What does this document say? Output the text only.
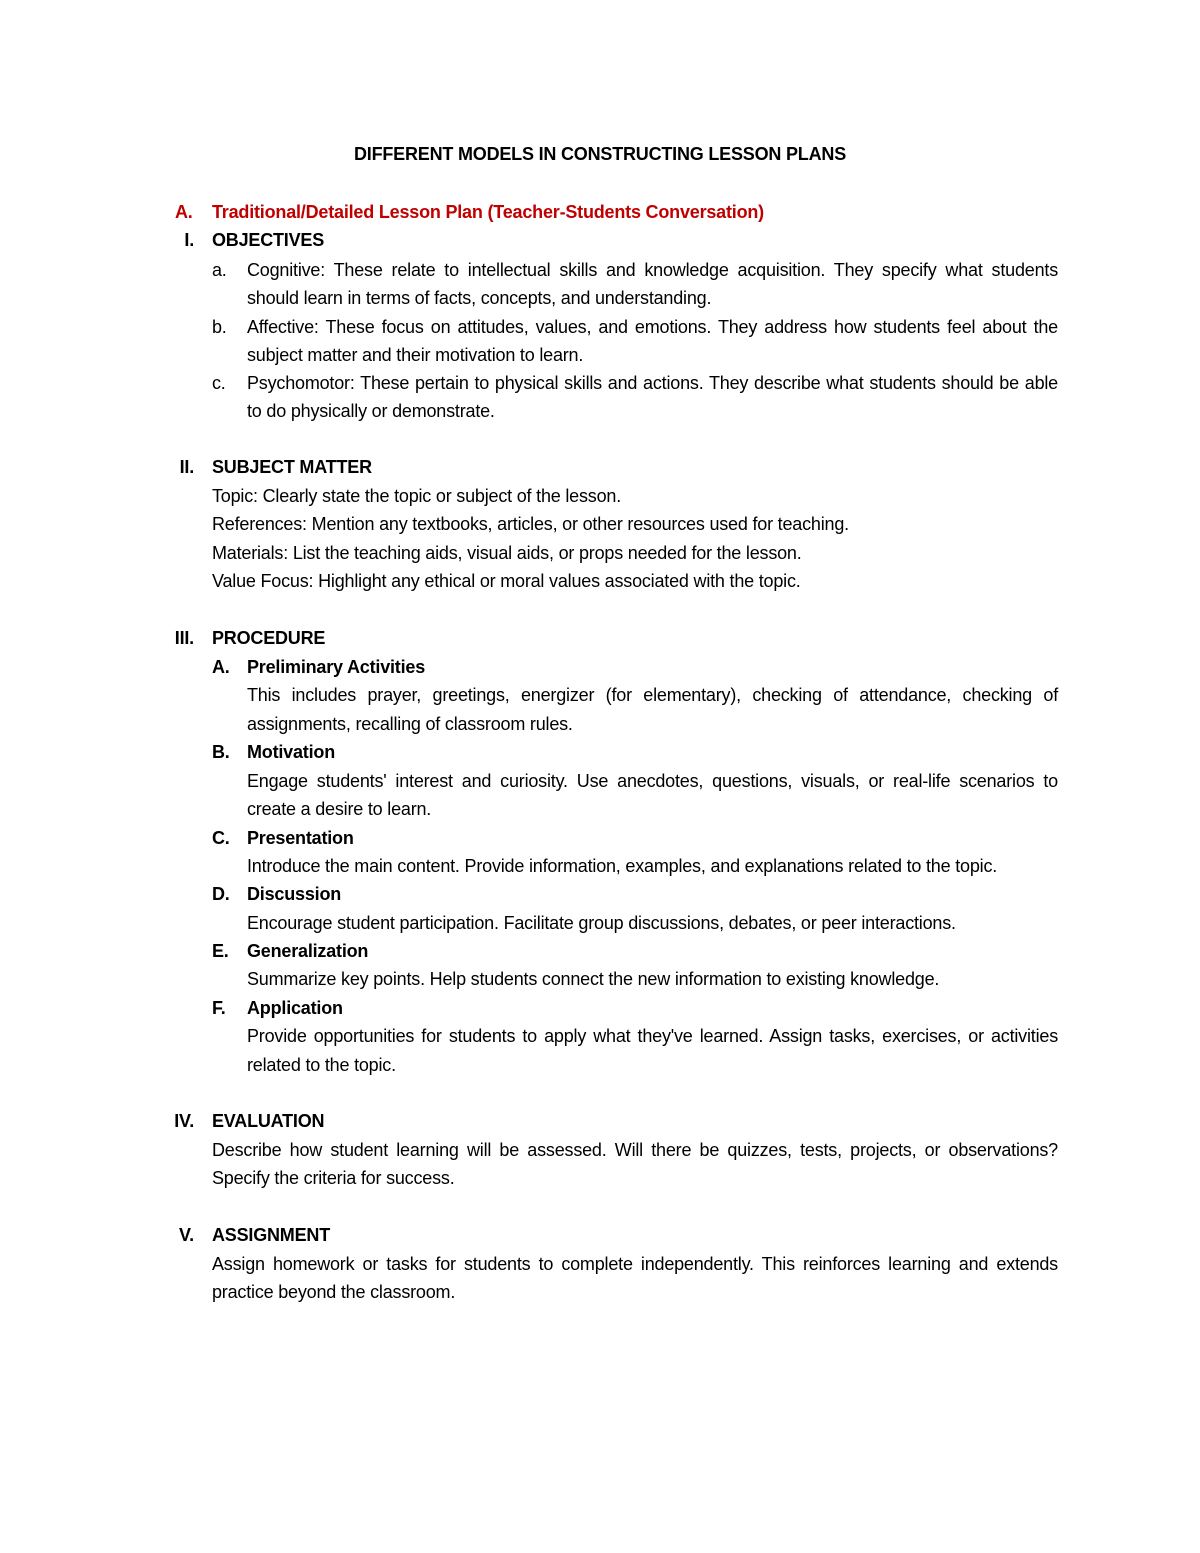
DIFFERENT MODELS IN CONSTRUCTING LESSON PLANS
A. Traditional/Detailed Lesson Plan (Teacher-Students Conversation)
I. OBJECTIVES
a. Cognitive: These relate to intellectual skills and knowledge acquisition. They specify what students should learn in terms of facts, concepts, and understanding.
b. Affective: These focus on attitudes, values, and emotions. They address how students feel about the subject matter and their motivation to learn.
c. Psychomotor: These pertain to physical skills and actions. They describe what students should be able to do physically or demonstrate.
II. SUBJECT MATTER
Topic: Clearly state the topic or subject of the lesson.
References: Mention any textbooks, articles, or other resources used for teaching.
Materials: List the teaching aids, visual aids, or props needed for the lesson.
Value Focus: Highlight any ethical or moral values associated with the topic.
III. PROCEDURE
A. Preliminary Activities
This includes prayer, greetings, energizer (for elementary), checking of attendance, checking of assignments, recalling of classroom rules.
B. Motivation
Engage students' interest and curiosity. Use anecdotes, questions, visuals, or real-life scenarios to create a desire to learn.
C. Presentation
Introduce the main content. Provide information, examples, and explanations related to the topic.
D. Discussion
Encourage student participation. Facilitate group discussions, debates, or peer interactions.
E. Generalization
Summarize key points. Help students connect the new information to existing knowledge.
F. Application
Provide opportunities for students to apply what they've learned. Assign tasks, exercises, or activities related to the topic.
IV. EVALUATION
Describe how student learning will be assessed. Will there be quizzes, tests, projects, or observations? Specify the criteria for success.
V. ASSIGNMENT
Assign homework or tasks for students to complete independently. This reinforces learning and extends practice beyond the classroom.
